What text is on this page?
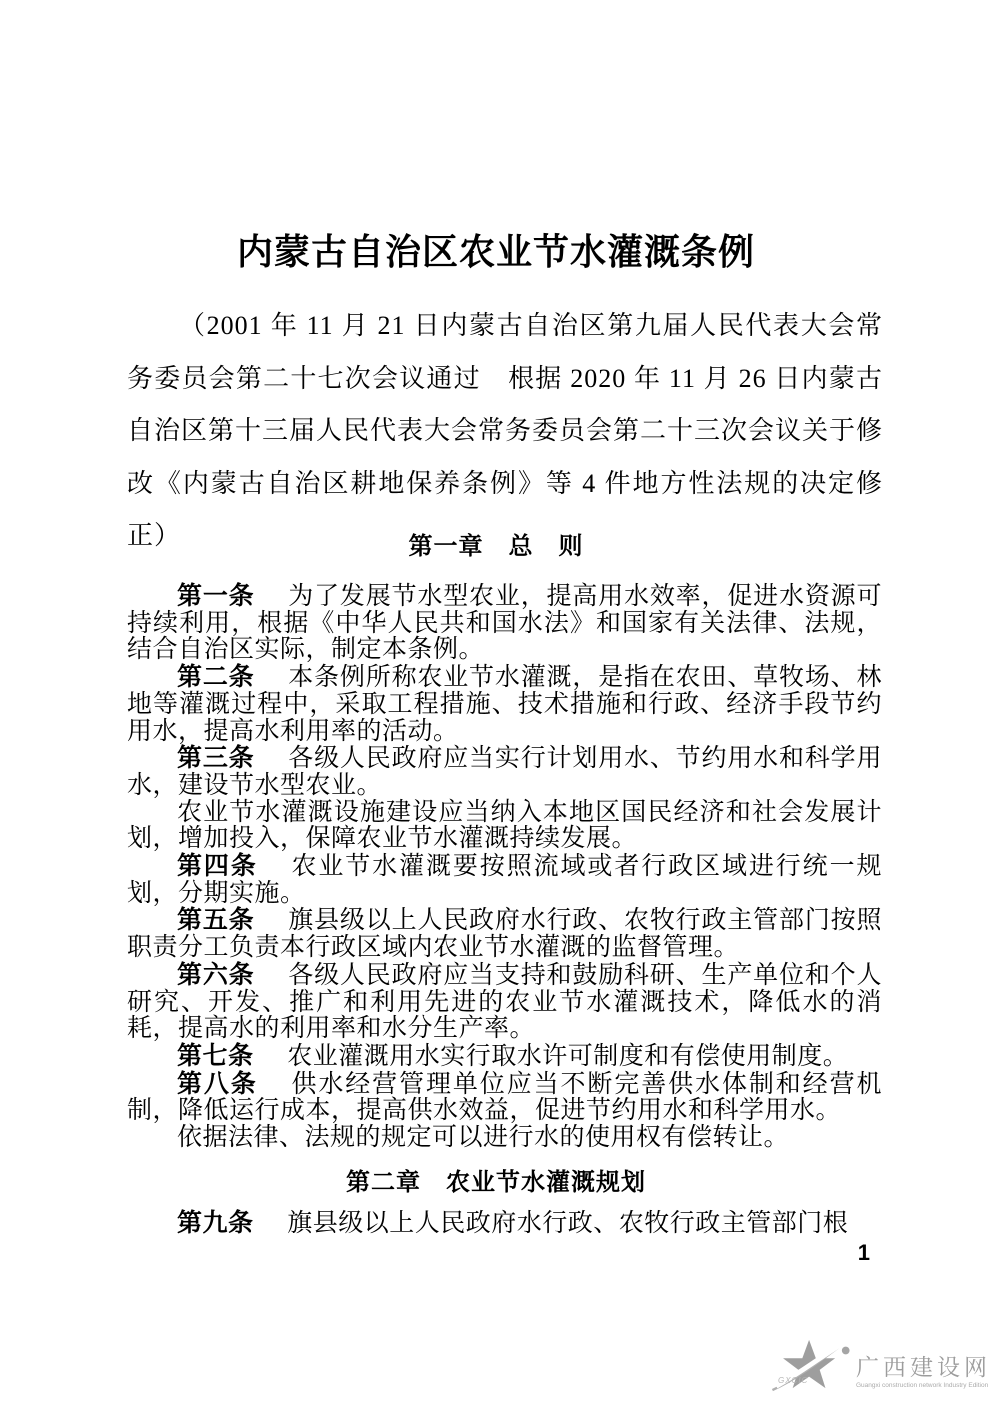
内蒙古自治区农业节水灌溉条例

（2001 年 11 月 21 日内蒙古自治区第九届人民代表大会常务委员会第二十七次会议通过　根据 2020 年 11 月 26 日内蒙古自治区第十三届人民代表大会常务委员会第二十三次会议关于修改《内蒙古自治区耕地保养条例》等 4 件地方性法规的决定修正）	第一章　总　则

第一条 为了发展节水型农业，提高用水效率，促进水资源可持续利用，根据《中华人民共和国水法》和国家有关法律、法规，结合自治区实际，制定本条例。

第二条 本条例所称农业节水灌溉，是指在农田、草牧场、林地等灌溉过程中，采取工程措施、技术措施和行政、经济手段节约用水，提高水利用率的活动。

第三条 各级人民政府应当实行计划用水、节约用水和科学用水，建设节水型农业。

农业节水灌溉设施建设应当纳入本地区国民经济和社会发展计划，增加投入，保障农业节水灌溉持续发展。

第四条 农业节水灌溉要按照流域或者行政区域进行统一规划，分期实施。

第五条 旗县级以上人民政府水行政、农牧行政主管部门按照职责分工负责本行政区域内农业节水灌溉的监督管理。

第六条 各级人民政府应当支持和鼓励科研、生产单位和个人研究、开发、推广和利用先进的农业节水灌溉技术，降低水的消耗，提高水的利用率和水分生产率。

第七条 农业灌溉用水实行取水许可制度和有偿使用制度。

第八条 供水经营管理单位应当不断完善供水体制和经营机制，降低运行成本，提高供水效益，促进节约用水和科学用水。

依据法律、法规的规定可以进行水的使用权有偿转让。

第二章　农业节水灌溉规划

第九条 旗县级以上人民政府水行政、农牧行政主管部门根

1
GXCIC
广西建设网
Guangxi construction network Industry Edition
